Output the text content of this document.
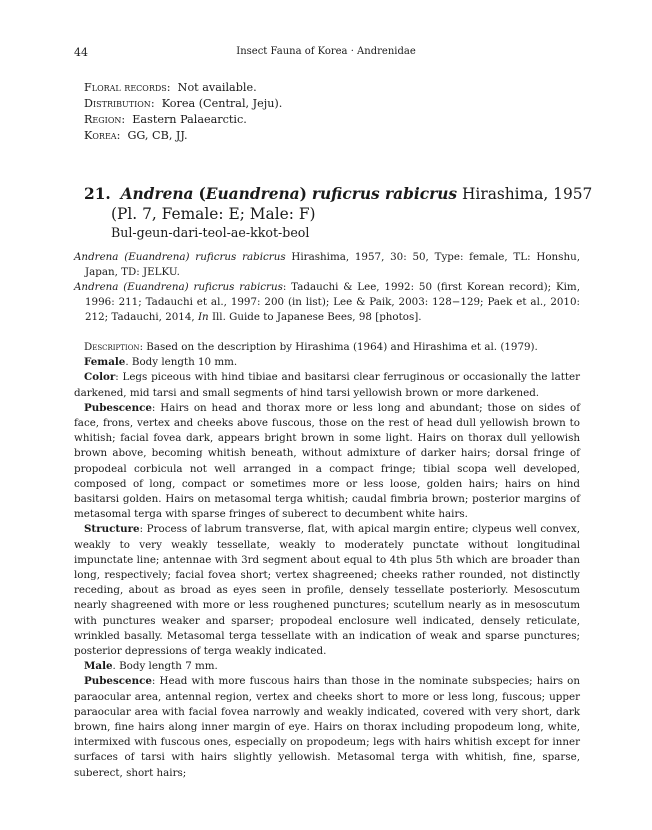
44	Insect Fauna of Korea · Andrenidae
Floral records:  Not available.
Distribution:  Korea (Central, Jeju).
Region:  Eastern Palaearctic.
Korea:  GG, CB, JJ.
21. Andrena (Euandrena) ruficrus rabicrus Hirashima, 1957
(Pl. 7, Female: E; Male: F)
Bul-geun-dari-teol-ae-kkot-beol

Andrena (Euandrena) ruficrus rabicrus Hirashima, 1957, 30: 50, Type: female, TL: Honshu, Japan, TD: JELKU.

Andrena (Euandrena) ruficrus rabicrus: Tadauchi & Lee, 1992: 50 (first Korean record); Kim, 1996: 211; Tadauchi et al., 1997: 200 (in list); Lee & Paik, 2003: 128−129; Paek et al., 2010: 212; Tadauchi, 2014, In Ill. Guide to Japanese Bees, 98 [photos].

Description: Based on the description by Hirashima (1964) and Hirashima et al. (1979).

Female. Body length 10 mm.

Color: Legs piceous with hind tibiae and basitarsi clear ferruginous or occasionally the latter darkened, mid tarsi and small segments of hind tarsi yellowish brown or more darkened.

Pubescence: Hairs on head and thorax more or less long and abundant; those on sides of face, frons, vertex and cheeks above fuscous, those on the rest of head dull yellowish brown to whitish; facial fovea dark, appears bright brown in some light. Hairs on thorax dull yellowish brown above, becoming whitish beneath, without admixture of darker hairs; dorsal fringe of propodeal corbicula not well arranged in a compact fringe; tibial scopa well developed, composed of long, compact or sometimes more or less loose, golden hairs; hairs on hind basitarsi golden. Hairs on metasomal terga whitish; caudal fimbria brown; posterior margins of metasomal terga with sparse fringes of suberect to decumbent white hairs.

Structure: Process of labrum transverse, flat, with apical margin entire; clypeus well convex, weakly to very weakly tessellate, weakly to moderately punctate without longitudinal impunctate line; antennae with 3rd segment about equal to 4th plus 5th which are broader than long, respectively; facial fovea short; vertex shagreened; cheeks rather rounded, not distinctly receding, about as broad as eyes seen in profile, densely tessellate posteriorly. Mesoscutum nearly shagreened with more or less roughened punctures; scutellum nearly as in mesoscutum with punctures weaker and sparser; propodeal enclosure well indicated, densely reticulate, wrinkled basally. Metasomal terga tessellate with an indication of weak and sparse punctures; posterior depressions of terga weakly indicated.

Male. Body length 7 mm.

Pubescence: Head with more fuscous hairs than those in the nominate subspecies; hairs on paraocular area, antennal region, vertex and cheeks short to more or less long, fuscous; upper paraocular area with facial fovea narrowly and weakly indicated, covered with very short, dark brown, fine hairs along inner margin of eye. Hairs on thorax including propodeum long, white, intermixed with fuscous ones, especially on propodeum; legs with hairs whitish except for inner surfaces of tarsi with hairs slightly yellowish. Metasomal terga with whitish, fine, sparse, suberect, short hairs;
